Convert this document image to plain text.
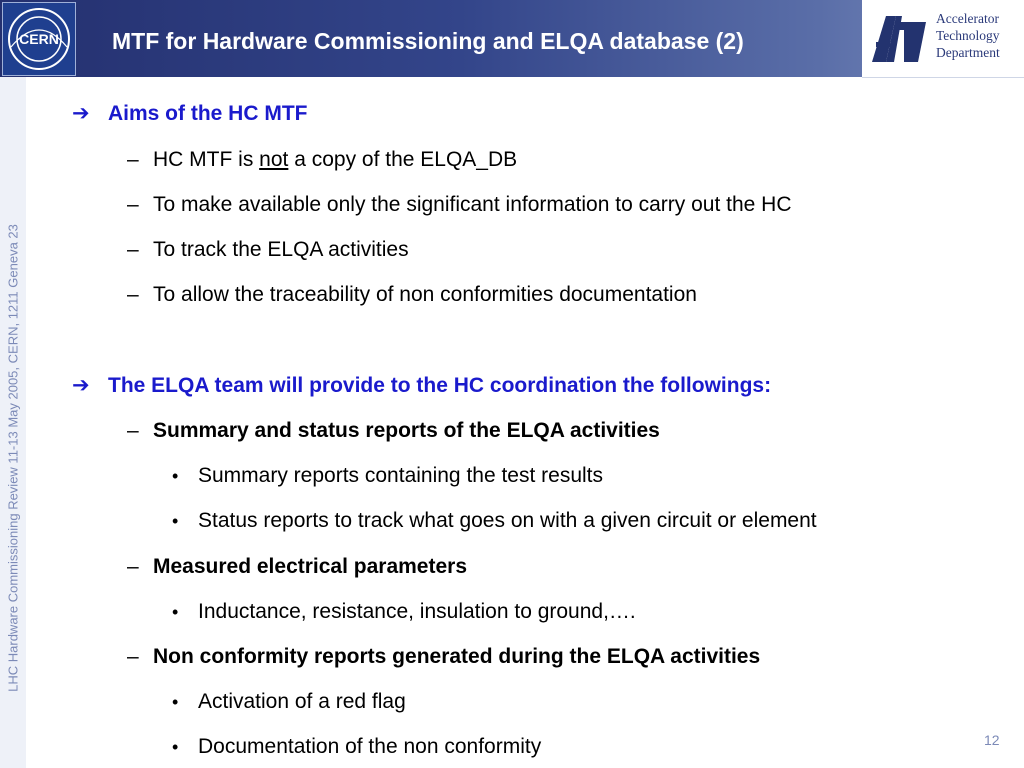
CERN MTF for Hardware Commissioning and ELQA database (2)
Accelerator
Technology
Department
LHC Hardware Commissioning Review 11-13 May 2005, CERN, 1211 Geneva 23
➔ Aims of the HC MTF
– HC MTF is not a copy of the ELQA_DB
– To make available only the significant information to carry out the HC
– To track the ELQA activities
– To allow the traceability of non conformities documentation
➔ The ELQA team will provide to the HC coordination the followings:
– Summary and status reports of the ELQA activities
• Summary reports containing the test results
• Status reports to track what goes on with a given circuit or element
– Measured electrical parameters
• Inductance, resistance, insulation to ground,….
– Non conformity reports generated during the ELQA activities
• Activation of a red flag
• Documentation of the non conformity	12
